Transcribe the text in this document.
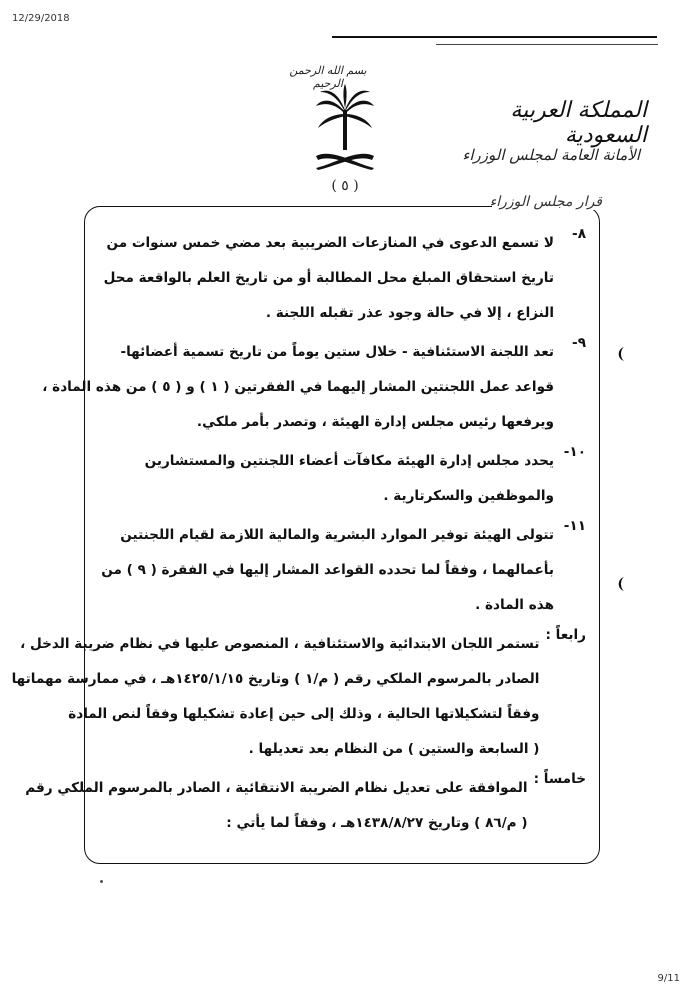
12/29/2018
بسم الله الرحمن الرحيم
المملكة العربية السعودية
الأمانة العامة لمجلس الوزراء
( ٥ )
قرار مجلس الوزراء
٨-
لا تسمع الدعوى في المنازعات الضريبية بعد مضي خمس سنوات من
تاريخ استحقاق المبلغ محل المطالبة أو من تاريخ العلم بالواقعة محل
النزاع ، إلا في حالة وجود عذر تقبله اللجنة .
٩-
تعد اللجنة الاستئنافية - خلال ستين يوماً من تاريخ تسمية أعضائها-
قواعد عمل اللجنتين المشار إليهما في الفقرتين ( ١ ) و ( ٥ ) من هذه المادة ،
ويرفعها رئيس مجلس إدارة الهيئة ، وتصدر بأمر ملكي.
١٠-
يحدد مجلس إدارة الهيئة مكافآت أعضاء اللجنتين والمستشارين
والموظفين والسكرتارية .
١١-
تتولى الهيئة توفير الموارد البشرية والمالية اللازمة لقيام اللجنتين
بأعمالهما ، وفقاً لما تحدده القواعد المشار إليها في الفقرة ( ٩ ) من
هذه المادة .
رابعاً :
تستمر اللجان الابتدائية والاستئنافية ، المنصوص عليها في نظام ضريبة الدخل ،
الصادر بالمرسوم الملكي رقم ( م/١ ) وتاريخ ١٤٢٥/١/١٥هـ ، في ممارسة مهماتها
وفقاً لتشكيلاتها الحالية ، وذلك إلى حين إعادة تشكيلها وفقاً لنص المادة
( السابعة والستين ) من النظام بعد تعديلها .
خامساً :
الموافقة على تعديل نظام الضريبة الانتقائية ، الصادر بالمرسوم الملكي رقم
( م/٨٦ ) وتاريخ ١٤٣٨/٨/٢٧هـ ، وفقاً لما يأتي :
9/11
